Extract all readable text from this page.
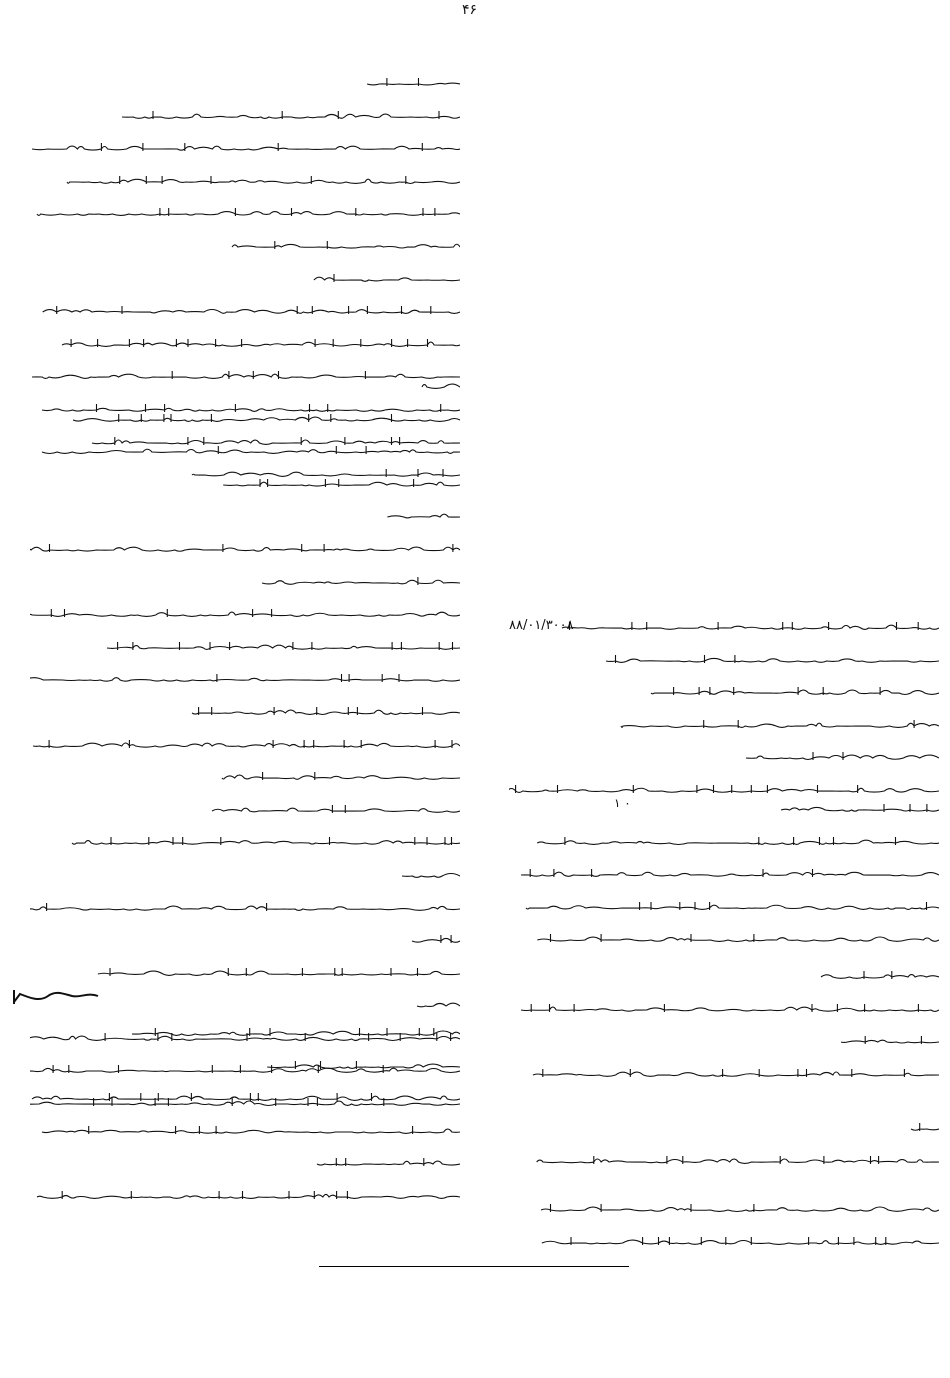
۴۶
۸۸/۰۱/۳۰۰۸
۱ ۰
